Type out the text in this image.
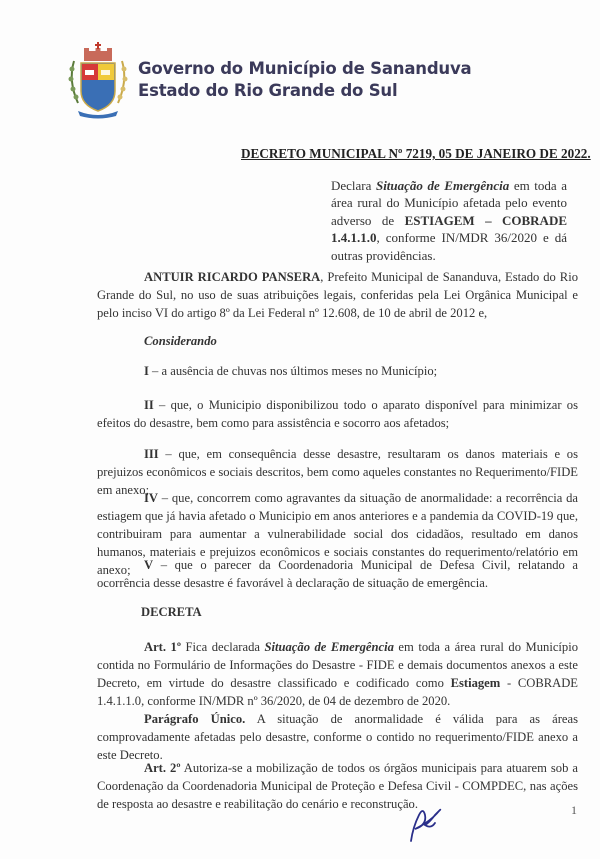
Governo do Município de Sananduva
Estado do Rio Grande do Sul
DECRETO MUNICIPAL Nº 7219, 05 DE JANEIRO DE 2022.
Declara Situação de Emergência em toda a área rural do Município afetada pelo evento adverso de ESTIAGEM – COBRADE 1.4.1.1.0, conforme IN/MDR 36/2020 e dá outras providências.
ANTUIR RICARDO PANSERA, Prefeito Municipal de Sananduva, Estado do Rio Grande do Sul, no uso de suas atribuições legais, conferidas pela Lei Orgânica Municipal e pelo inciso VI do artigo 8º da Lei Federal nº 12.608, de 10 de abril de 2012 e,
Considerando
I – a ausência de chuvas nos últimos meses no Município;
II – que, o Municipio disponibilizou todo o aparato disponível para minimizar os efeitos do desastre, bem como para assistência e socorro aos afetados;
III – que, em consequência desse desastre, resultaram os danos materiais e os prejuizos econômicos e sociais descritos, bem como aqueles constantes no Requerimento/FIDE em anexo;
IV – que, concorrem como agravantes da situação de anormalidade: a recorrência da estiagem que já havia afetado o Municipio em anos anteriores e a pandemia da COVID-19 que, contribuiram para aumentar a vulnerabilidade social dos cidadãos, resultado em danos humanos, materiais e prejuizos econômicos e sociais constantes do requerimento/relatório em anexo;	V – que o parecer da Coordenadoria Municipal de Defesa Civil, relatando a ocorrência desse desastre é favorável à declaração de situação de emergência.
DECRETA
Art. 1º Fica declarada Situação de Emergência em toda a área rural do Município contida no Formulário de Informações do Desastre - FIDE e demais documentos anexos a este Decreto, em virtude do desastre classificado e codificado como Estiagem - COBRADE 1.4.1.1.0, conforme IN/MDR nº 36/2020, de 04 de dezembro de 2020.
Parágrafo Único. A situação de anormalidade é válida para as áreas comprovadamente afetadas pelo desastre, conforme o contido no requerimento/FIDE anexo a este Decreto.
Art. 2º Autoriza-se a mobilização de todos os órgãos municipais para atuarem sob a Coordenação da Coordenadoria Municipal de Proteção e Defesa Civil - COMPDEC, nas ações de resposta ao desastre e reabilitação do cenário e reconstrução.	1
